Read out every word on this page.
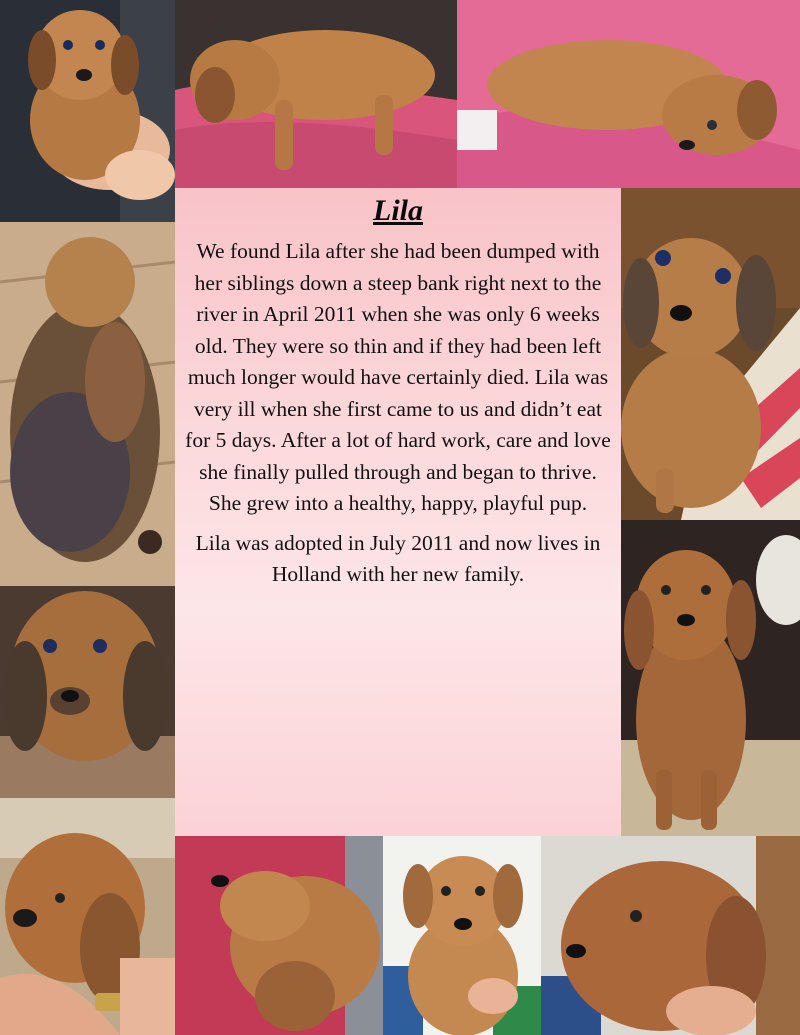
Lila

We found Lila after she had been dumped with her siblings down a steep bank right next to the river in April 2011 when she was only 6 weeks old. They were so thin and if they had been left much longer would have certainly died. Lila was very ill when she first came to us and didn’t eat for 5 days. After a lot of hard work, care and love she finally pulled through and began to thrive. She grew into a healthy, happy, playful pup.

Lila was adopted in July 2011 and now lives in Holland with her new family.
